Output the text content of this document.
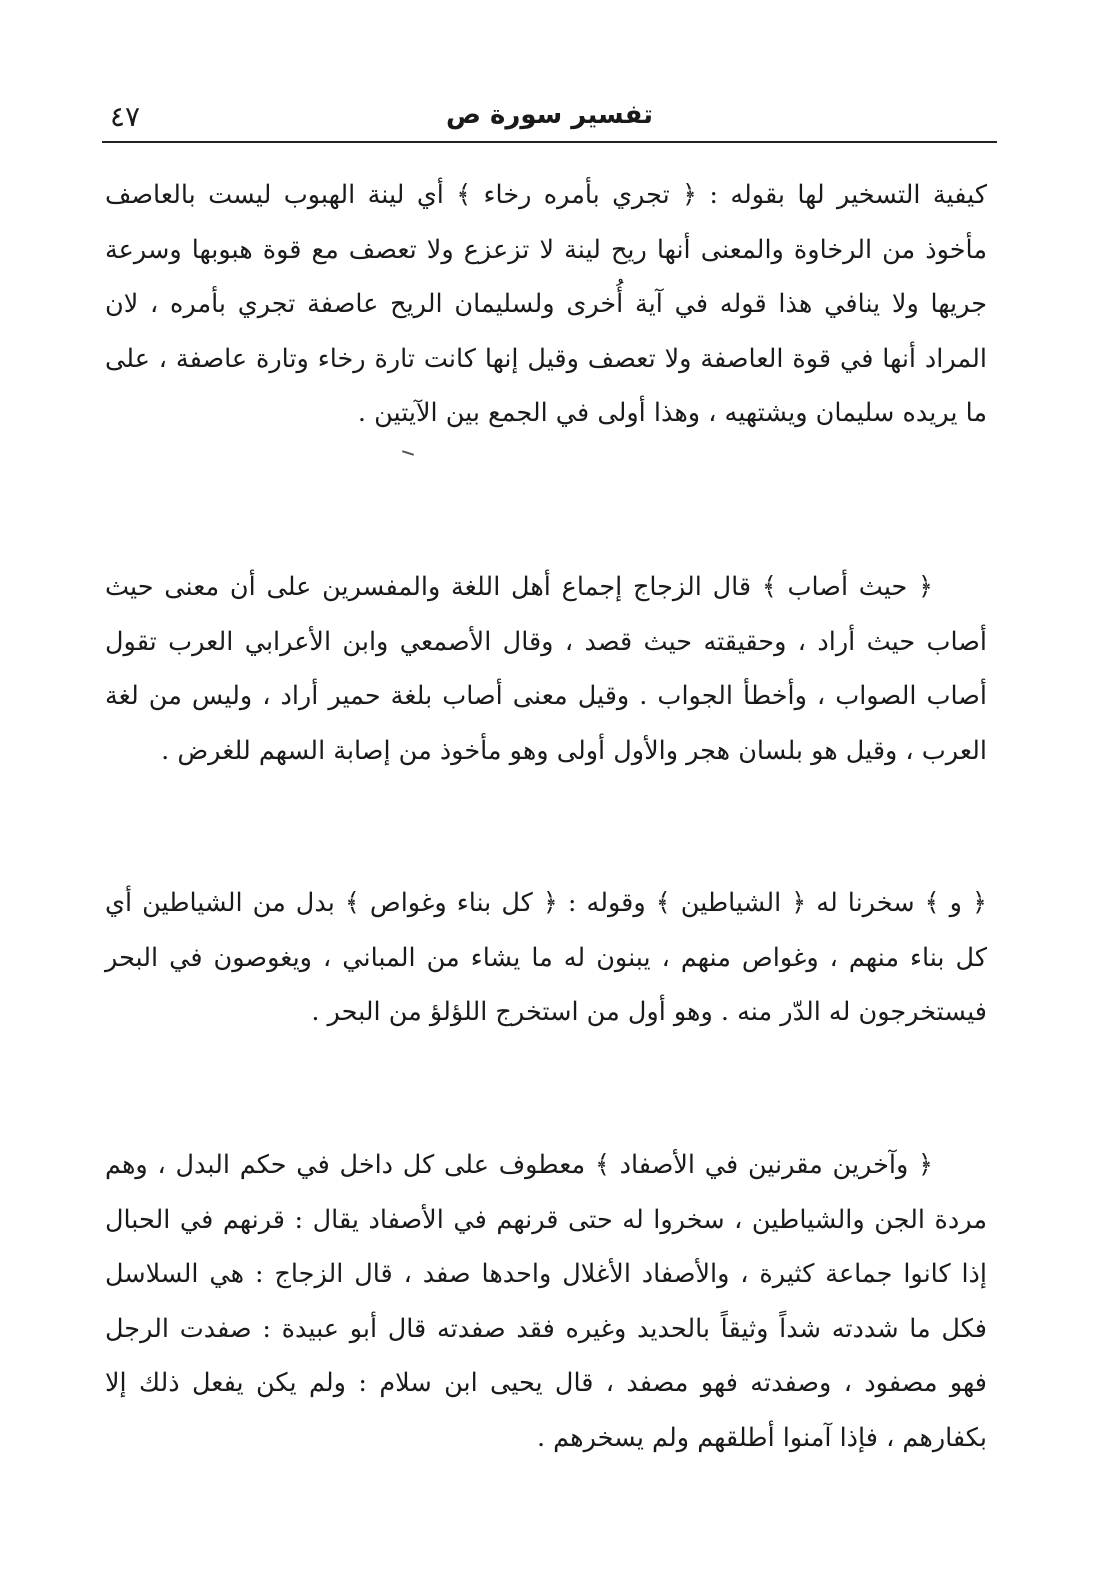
٤٧	تفسير سورة ص

كيفية التسخير لها بقوله : ﴿ تجري بأمره رخاء ﴾ أي لينة الهبوب ليست بالعاصف مأخوذ من الرخاوة والمعنى أنها ريح لينة لا تزعزع ولا تعصف مع قوة هبوبها وسرعة جريها ولا ينافي هذا قوله في آية أُخرى ولسليمان الريح عاصفة تجري بأمره ، لان المراد أنها في قوة العاصفة ولا تعصف وقيل إنها كانت تارة رخاء وتارة عاصفة ، على ما يريده سليمان ويشتهيه ، وهذا أولى في الجمع بين الآيتين .

﴿ حيث أصاب ﴾ قال الزجاج إجماع أهل اللغة والمفسرين على أن معنى حيث أصاب حيث أراد ، وحقيقته حيث قصد ، وقال الأصمعي وابن الأعرابي العرب تقول أصاب الصواب ، وأخطأ الجواب . وقيل معنى أصاب بلغة حمير أراد ، وليس من لغة العرب ، وقيل هو بلسان هجر والأول أولى وهو مأخوذ من إصابة السهم للغرض .

﴿ و ﴾ سخرنا له ﴿ الشياطين ﴾ وقوله : ﴿ كل بناء وغواص ﴾ بدل من الشياطين أي كل بناء منهم ، وغواص منهم ، يبنون له ما يشاء من المباني ، ويغوصون في البحر فيستخرجون له الدّر منه . وهو أول من استخرج اللؤلؤ من البحر .

﴿ وآخرين مقرنين في الأصفاد ﴾ معطوف على كل داخل في حكم البدل ، وهم مردة الجن والشياطين ، سخروا له حتى قرنهم في الأصفاد يقال : قرنهم في الحبال إذا كانوا جماعة كثيرة ، والأصفاد الأغلال واحدها صفد ، قال الزجاج : هي السلاسل فكل ما شددته شداً وثيقاً بالحديد وغيره فقد صفدته قال أبو عبيدة : صفدت الرجل فهو مصفود ، وصفدته فهو مصفد ، قال يحيى ابن سلام : ولم يكن يفعل ذلك إلا بكفارهم ، فإذا آمنوا أطلقهم ولم يسخرهم .
